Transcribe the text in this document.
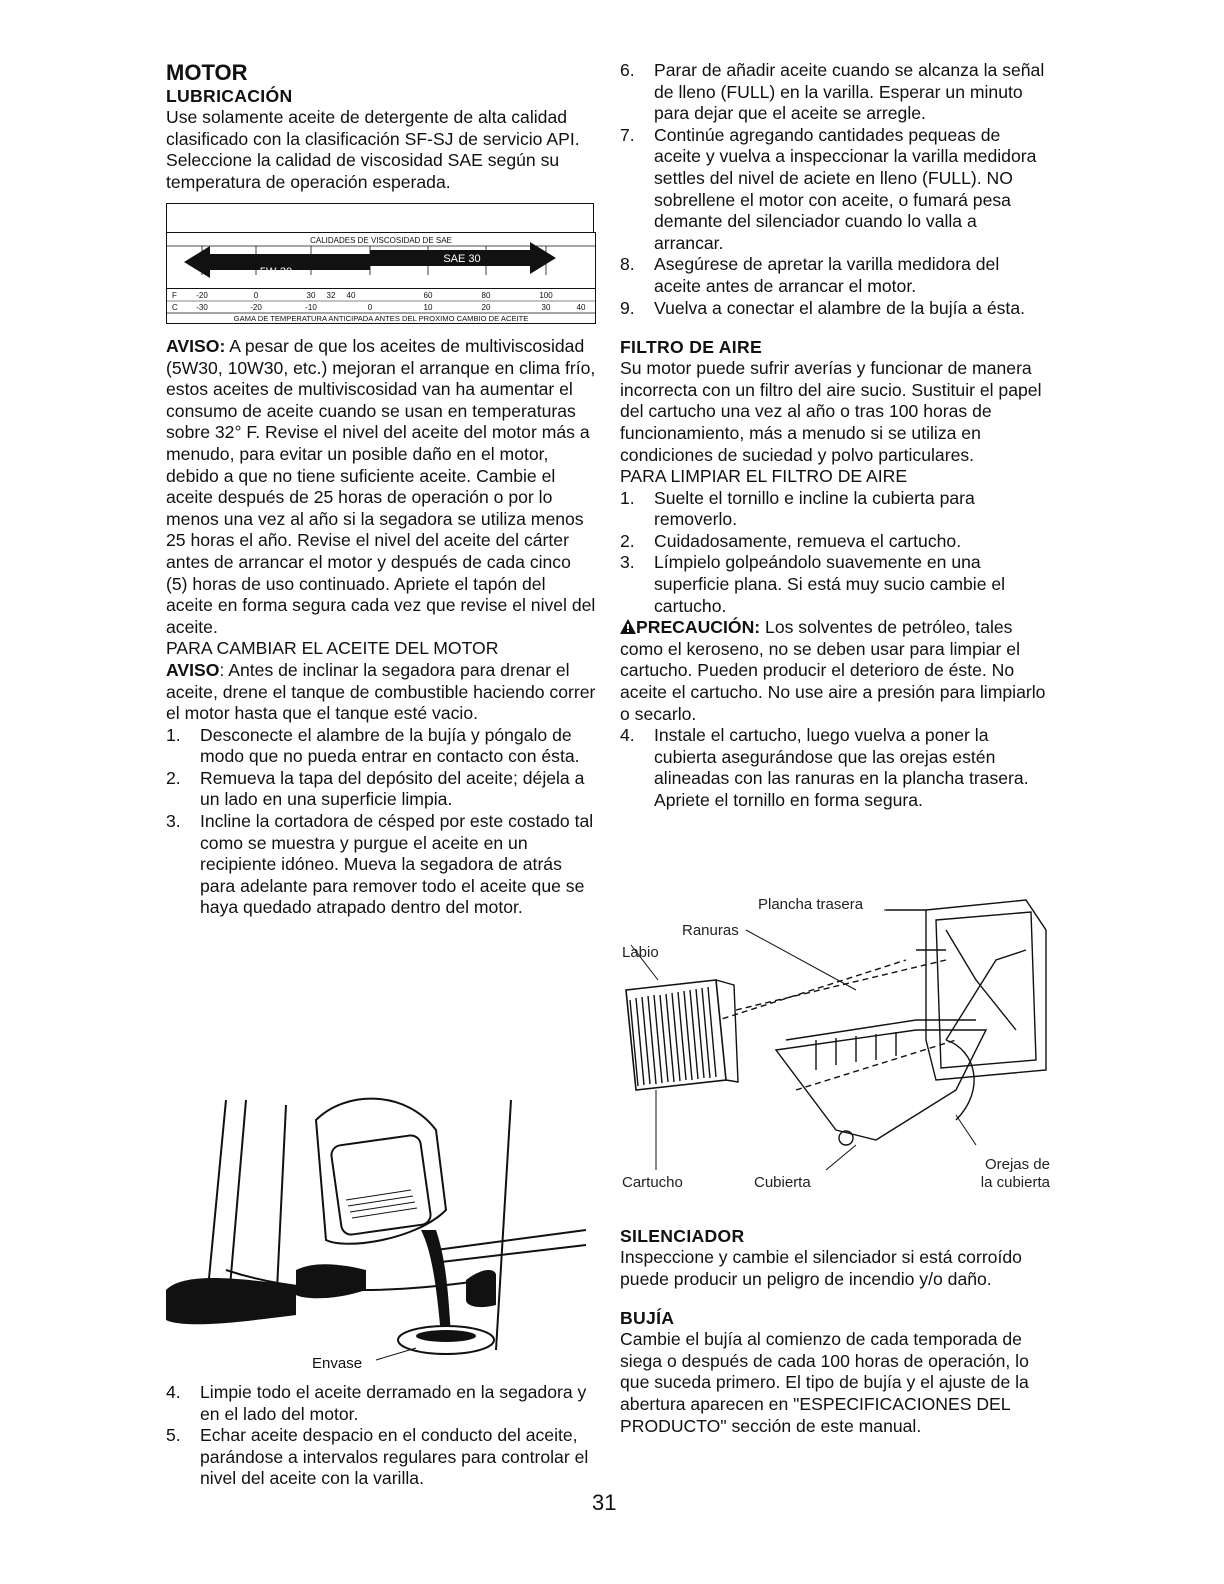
MOTOR
LUBRICACIÓN

Use solamente aceite de detergente de alta calidad clasificado con la clasificación SF-SJ de servicio API. Seleccione la calidad de viscosidad SAE según su temperatura de operación esperada.

CALIDADES DE VISCOSIDAD DE SAE
SAE 30
5W-30
F -20	0	30 32 40	60	80	100
C -30	-20	-10	0	10	20	30	40
GAMA DE TEMPERATURA ANTICIPADA ANTES DEL PROXIMO CAMBIO DE ACEITE

AVISO: A pesar de que los aceites de multiviscosidad (5W30, 10W30, etc.) mejoran el arranque en clima frío, estos aceites de multiviscosidad van ha aumentar el consumo de aceite cuando se usan en temperaturas sobre 32° F. Revise el nivel del aceite del motor más a menudo, para evitar un posible daño en el motor, debido a que no tiene suficiente aceite. Cambie el aceite después de 25 horas de operación o por lo menos una vez al año si la segadora se utiliza menos 25 horas el año. Revise el nivel del aceite del cárter antes de arrancar el motor y después de cada cinco (5) horas de uso continuado. Apriete el tapón del aceite en forma segura cada vez que revise el nivel del aceite.

PARA CAMBIAR EL ACEITE DEL MOTOR

AVISO: Antes de inclinar la segadora para drenar el aceite, drene el tanque de combustible haciendo correr el motor hasta que el tanque esté vacio.

1.	Desconecte el alambre de la bujía y póngalo de modo que no pueda entrar en contacto con ésta.
2.	Remueva la tapa del depósito del aceite; déjela a un lado en una superficie limpia.
3.	Incline la cortadora de césped por este costado tal como se muestra y purgue el aceite en un recipiente idóneo. Mueva la segadora de atrás para adelante para remover todo el aceite que se haya quedado atrapado dentro del motor.
Envase
4.	Limpie todo el aceite derramado en la segadora y en el lado del motor.
5.	Echar aceite despacio en el conducto del aceite, parándose a intervalos regulares para controlar el nivel del aceite con la varilla.
6.	Parar de añadir aceite cuando se alcanza la señal de lleno (FULL) en la varilla. Esperar un minuto para dejar que el aceite se arregle.
7.	Continúe agregando cantidades pequeas de aceite y vuelva a inspeccionar la varilla medidora settles del nivel de aciete en lleno (FULL). NO sobrellene el motor con aceite, o fumará pesa demante del silenciador cuando lo valla a arrancar.
8.	Asegúrese de apretar la varilla medidora del aceite antes de arrancar el motor.
9.	Vuelva a conectar el alambre de la bujía a ésta.
FILTRO DE AIRE

Su motor puede sufrir averías y funcionar de manera incorrecta con un filtro del aire sucio. Sustituir el papel del cartucho una vez al año o tras 100 horas de funcionamiento, más a menudo si se utiliza en condiciones de suciedad y polvo particulares.

PARA LIMPIAR EL FILTRO DE AIRE

1.	Suelte el tornillo e incline la cubierta para removerlo.
2.	Cuidadosamente, remueva el cartucho.
3.	Límpielo golpeándolo suavemente en una superficie plana. Si está muy sucio cambie el cartucho.

PRECAUCIÓN: Los solventes de petróleo, tales como el keroseno, no se deben usar para limpiar el cartucho. Pueden producir el deterioro de éste. No aceite el cartucho. No use aire a presión para limpiarlo o secarlo.

4.	Instale el cartucho, luego vuelva a poner la cubierta asegurándose que las orejas estén alineadas con las ranuras en la plancha trasera. Apriete el tornillo en forma segura.
Plancha trasera
Ranuras
Labio
Cartucho	Cubierta
Orejas de
la cubierta
SILENCIADOR

Inspeccione y cambie el silenciador si está corroído puede producir un peligro de incendio y/o daño.

BUJÍA

Cambie el bujía al comienzo de cada temporada de siega o después de cada 100 horas de operación, lo que suceda primero. El tipo de bujía y el ajuste de la abertura aparecen en "ESPECIFICACIONES DEL PRODUCTO" sección de este manual.

31
